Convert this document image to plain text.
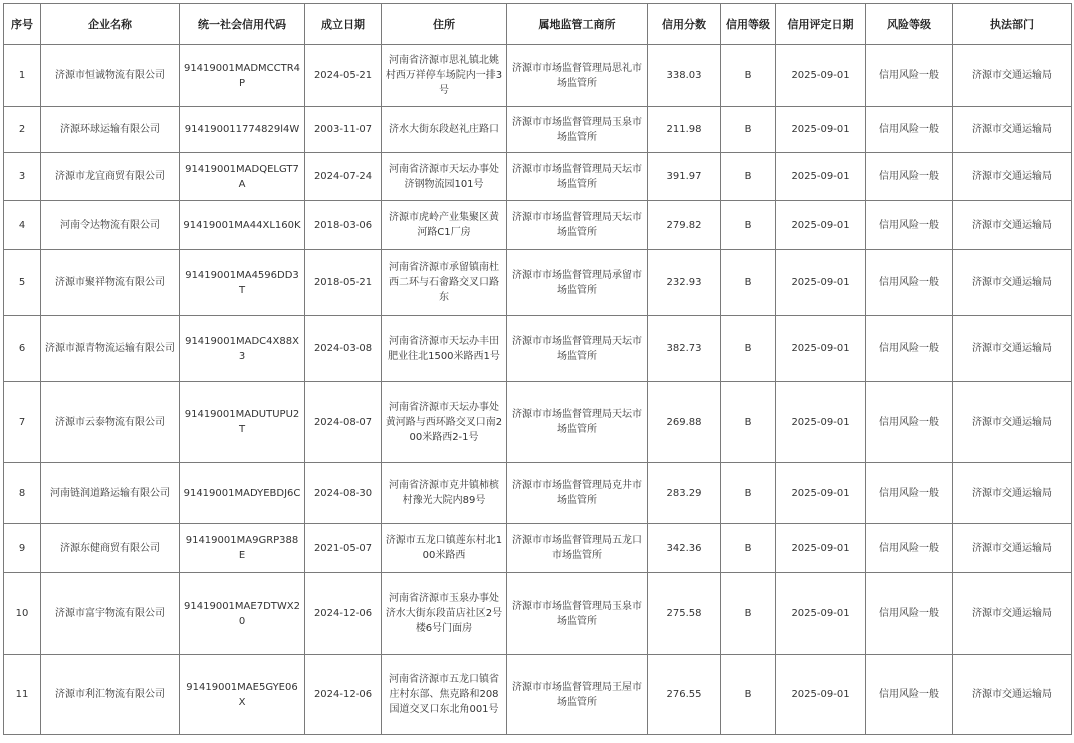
序号	企业名称	统一社会信用代码	成立日期	住所	属地监管工商所	信用分数	信用等级	信用评定日期	风险等级	执法部门
1	济源市恒诚物流有限公司	91419001MADMCCTR4P	2024-05-21	河南省济源市思礼镇北姚村西万祥停车场院内一排3号	济源市市场监督管理局思礼市场监管所	338.03	B	2025-09-01	信用风险一般	济源市交通运输局
2	济源环球运输有限公司	914190011774829l4W	2003-11-07	济水大街东段赵礼庄路口	济源市市场监督管理局玉泉市场监管所	211.98	B	2025-09-01	信用风险一般	济源市交通运输局
3	济源市龙宜商贸有限公司	91419001MADQELGT7A	2024-07-24	河南省济源市天坛办事处济钢物流园101号	济源市市场监督管理局天坛市场监管所	391.97	B	2025-09-01	信用风险一般	济源市交通运输局
4	河南令达物流有限公司	91419001MA44XL160K	2018-03-06	济源市虎岭产业集聚区黄河路C1厂房	济源市市场监督管理局天坛市场监管所	279.82	B	2025-09-01	信用风险一般	济源市交通运输局
5	济源市聚祥物流有限公司	91419001MA4596DD3T	2018-05-21	河南省济源市承留镇南杜西二环与石畲路交叉口路东	济源市市场监督管理局承留市场监管所	232.93	B	2025-09-01	信用风险一般	济源市交通运输局
6	济源市源青物流运输有限公司	91419001MADC4X88X3	2024-03-08	河南省济源市天坛办丰田肥业往北1500米路西1号	济源市市场监督管理局天坛市场监管所	382.73	B	2025-09-01	信用风险一般	济源市交通运输局
7	济源市云泰物流有限公司	91419001MADUTUPU2T	2024-08-07	河南省济源市天坛办事处黄河路与西环路交叉口南200米路西2-1号	济源市市场监督管理局天坛市场监管所	269.88	B	2025-09-01	信用风险一般	济源市交通运输局
8	河南链润道路运输有限公司	91419001MADYEBDJ6C	2024-08-30	河南省济源市克井镇柿槟村豫光大院内89号	济源市市场监督管理局克井市场监管所	283.29	B	2025-09-01	信用风险一般	济源市交通运输局
9	济源东健商贸有限公司	91419001MA9GRP388E	2021-05-07	济源市五龙口镇莲东村北100米路西	济源市市场监督管理局五龙口市场监管所	342.36	B	2025-09-01	信用风险一般	济源市交通运输局
10	济源市富宇物流有限公司	91419001MAE7DTWX20	2024-12-06	河南省济源市玉泉办事处济水大街东段苗店社区2号楼6号门面房	济源市市场监督管理局玉泉市场监管所	275.58	B	2025-09-01	信用风险一般	济源市交通运输局
11	济源市利汇物流有限公司	91419001MAE5GYE06X	2024-12-06	河南省济源市五龙口镇省庄村东部、焦克路和208国道交叉口东北角001号	济源市市场监督管理局王屋市场监管所	276.55	B	2025-09-01	信用风险一般	济源市交通运输局
